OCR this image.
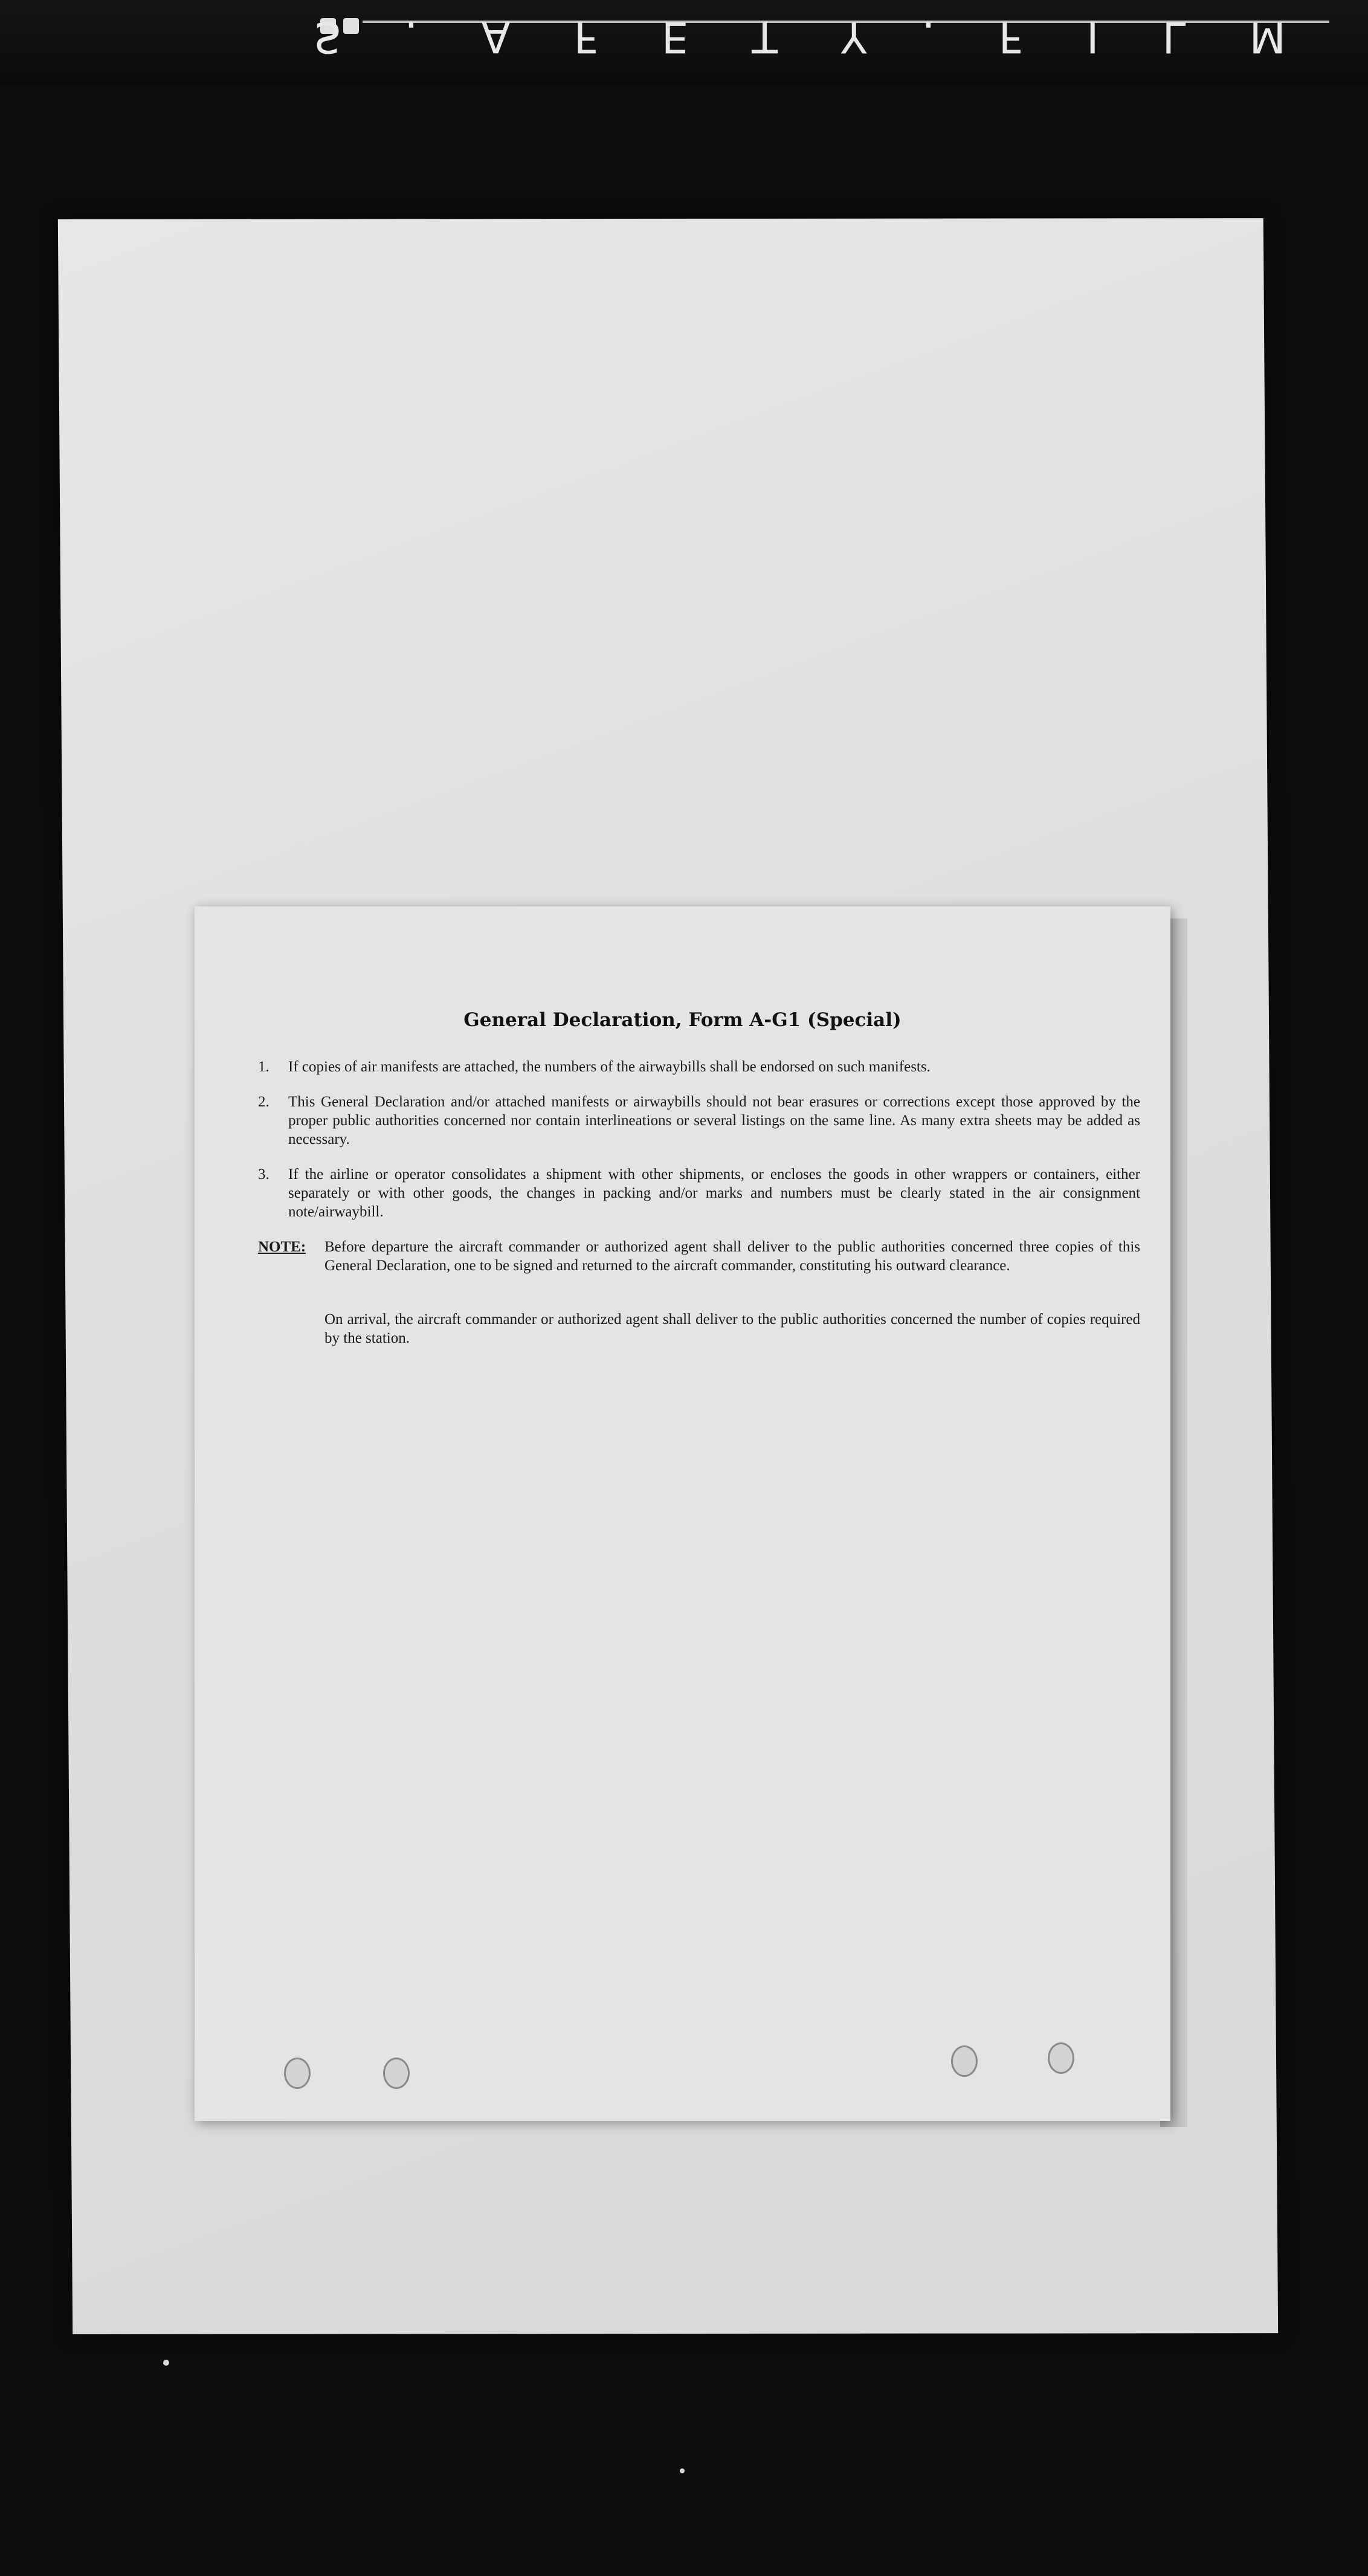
S.AFETY.FILM
General Declaration, Form A-G1 (Special)
1. If copies of air manifests are attached, the numbers of the airwaybills shall be endorsed on such manifests.
2. This General Declaration and/or attached manifests or airwaybills should not bear erasures or corrections except those approved by the proper public authorities concerned nor contain interlineations or several listings on the same line. As many extra sheets may be added as necessary.
3. If the airline or operator consolidates a shipment with other shipments, or encloses the goods in other wrappers or containers, either separately or with other goods, the changes in packing and/or marks and numbers must be clearly stated in the air consignment note/airwaybill.
NOTE: Before departure the aircraft commander or authorized agent shall deliver to the public authorities concerned three copies of this General Declaration, one to be signed and returned to the aircraft commander, constituting his outward clearance.
On arrival, the aircraft commander or authorized agent shall deliver to the public authorities concerned the number of copies required by the station.
